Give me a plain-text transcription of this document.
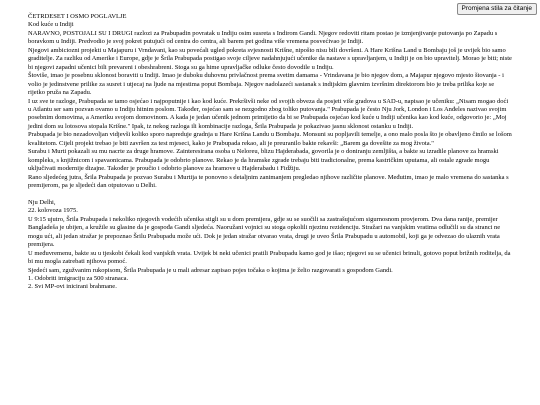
Promjena stila za čitanje

ČETRDESET I OSMO POGLAVLJE

Kod kuće u Indiji

NARAVNO, POSTOJALI SU I DRUGI razlozi za Prabupadin povratak u Indiju osim susreta s Indirom Gandi. Njegov redoviti ritam postao je izmjenjivanje putovanja po Zapadu s boravkom u Indiji. Predvodio je svoj pokret putujući od centra do centra, ali barem pet godina više vremena posvećivao je Indiji.

Njegovi ambiciozni projekti u Majapuru i Vrndavani, kao su povećali ugled pokreta svjesnosti Krišne, nipošto nisu bili dovršeni. A Hare Krišna Land u Bombaju još je uvijek bio samo graditelje. Za razliku od Amerike i Europe, gdje je Šrila Prabupada postigao svoje ciljeve nadahnjujući učenike da nastave s upravljanjem, u Indiji je on bio upravitelj. Morao je biti; niste bi njegovi zapadni učenici bili prevareni i obeshrabreni. Stoga su ga hime upravljačke odluke često dovodile u Indiju.

Štoviše, imao je posebnu sklonost boraviti u Indiji. Imao je duboku duhovnu privlačnost prema svetim damama - Vrindavana je bio njegov dom, a Majapur njegovo mjesto štovanja - i volio je jedinstvene prilike za susret i utjecaj na ljude na mjestima poput Bombaja. Njegov nadolazeći sastanak s indijskim glavnim izvršnim direktorom bio je treba prilika koje se rijetko pruža na Zapadu.

I uz sve te razloge, Prabupada se tamo osjećao i najpoputnije i kao kod kuće. Prekršivši neke od svojih obveza da posjeti više gradova u SAD-u, napisao je učeniku: „Nisam mogao doći u Atlantu ser sam pozvan ovamo u Indiju hitnim poslom. Također, osjećao sam se nezgodno zbog toliko putovanja." Prabupada je često Nju Jork, London i Los Anđeles nazivao svojim posebnim domovima, a Ameriku svojom domovinom. A kada je jedan učenik jednom primijetio da bi se Prabupada osjećao kod kuće u Indiji učenika kao kod kuće, odgovorio je: „Moj jedini dom su lotosova stopala Krišne." Ipak, iz nekog razloga ili kombinacije razloga, Šrila Prabupada je pokazivao jasnu sklonost ostanku u Indiji.

Prabupada je bio nezadovoljan vidjevši koliko sporo napreduje gradnja u Hare Krišna Landu u Bombaju. Monsuni su popljavili temelje, a ono malo posla što je obavljeno činilo se lošom kvalitetom. Cijeli projekt trebao je biti završen za test mjeseci, kako je Prabupada rekao, ali je preuranilo bakte rekavši: „Barem ga dovešite za mog života."

Surabu i Murti pokazali su mu nacrte za druge hramove. Zainteresirana osoba u Neloreu, blizu Hajderabada, govorila je o doniranju zemljišta, a bakte su izradile planove za hramski kompleks, s knjižnicom i spavaonicama. Prabupada je odobrio planove. Rekao je da hramske zgrade trebaju biti tradicionalne, prema kastričkim uputama, ali ostale zgrade mogu uključivati moderniјe dizajne. Također je proučio i odobrio planove za hramove u Hajderabadu i Fidžiju.

Rano sljedećeg jutra, Šrila Prabupada je pozvao Surabu i Murtija te ponovno s detaljnim zanimanjem pregledao njihove različite planove. Međutim, imao je malo vremena do sastanka s premijerom, pa je sljedeći dan otputovao u Delhi.

Nju Delhi,

22. kolovoza 1975.

U 9:15 ujutro, Šrila Prabupada i nekoliko njegovih vodećih učenika stigli su u dom premijera, gdje su se suočili sa zastrašujućom sigurnosnom provjerom. Dva dana ranije, premijer Bangladeša je ubijen, a kružile su glasine da je gospođa Gandi sljedeća. Naoružani vojnici su stoga opkolili njezinu rezidenciju. Stražari na vanjskim vratima odlučili su da stranci ne mogu ući, ali jedan stražar je prepoznao Šrilu Prabupadu može ući. Dok je jedan stražar otvarao vrata, drugi je uveo Šrila Prabupadu u automobil, koji ga je odvezao do ulaznih vrata premijera.

U međuvremenu, bakte su u tjeskobi čekali kod vanjskih vrata. Uvijek bi neki učenici pratili Prabupadu kamo god je išao; njegovi su se učenici brinuli, gotovo poput brižnih roditelja, da bi mu mogla zatrebati njihova pomoć.

Sjedeći sam, zgužvanim rukopisom, Šrila Prabupada je u mali adresar zapisao pojes točaka o kojima je želio razgovarati s gospođom Gandi.

1. Odobriti imigraciju za 500 stranaca.

2. Svi MP-ovi inicirani brahmane.
